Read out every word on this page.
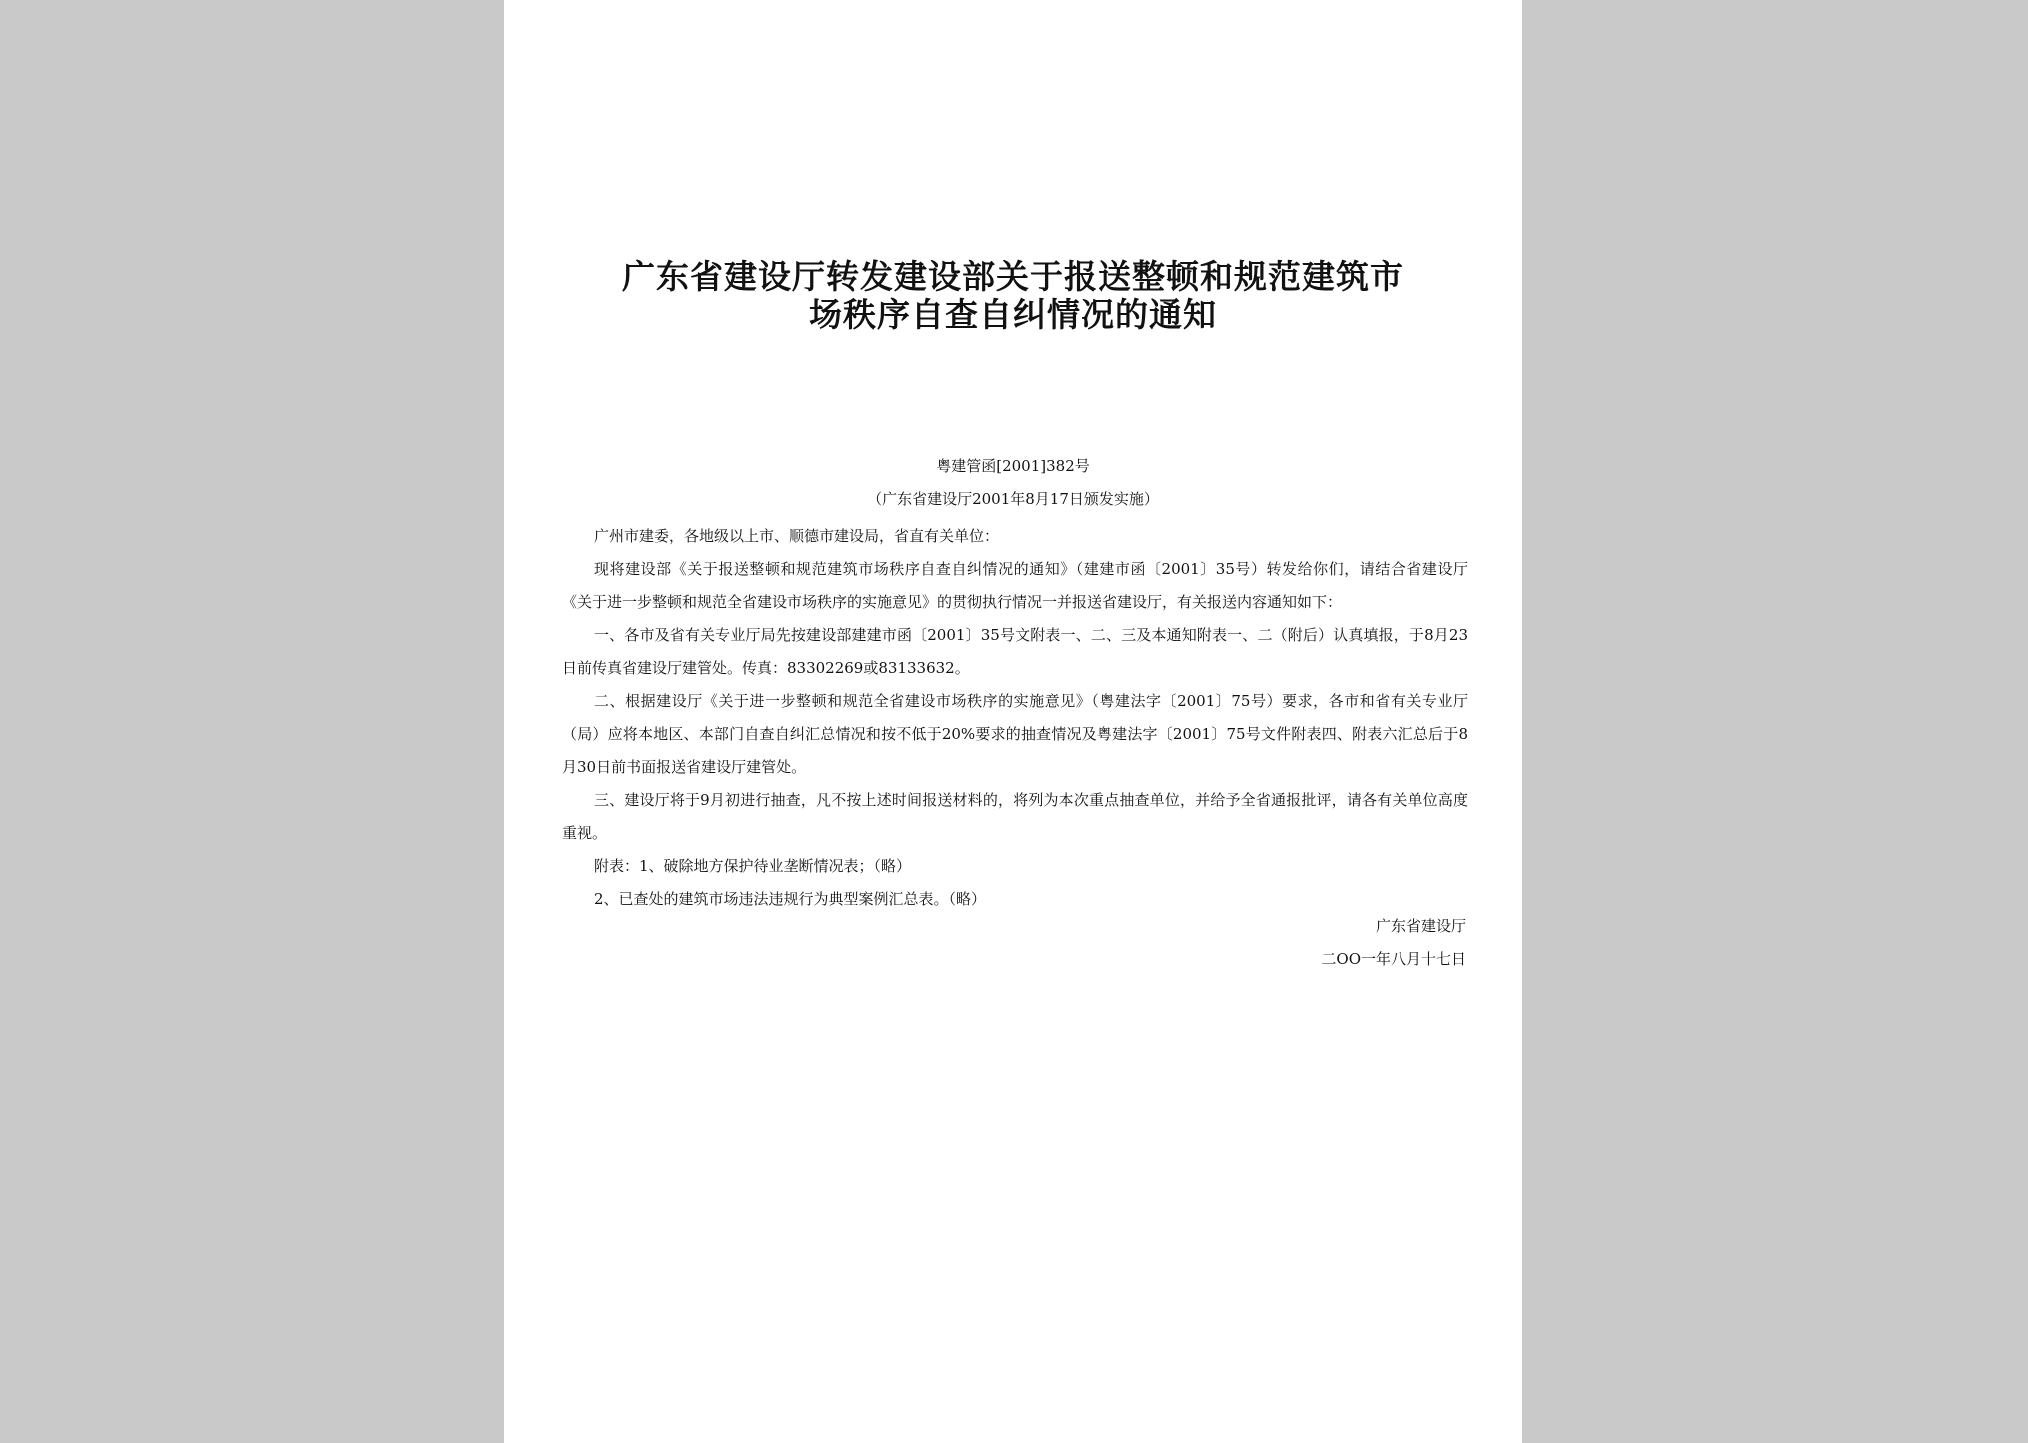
广东省建设厅转发建设部关于报送整顿和规范建筑市
场秩序自查自纠情况的通知
粤建管函[2001]382号
（广东省建设厅2001年8月17日颁发实施）

广州市建委，各地级以上市、顺德市建设局，省直有关单位：

现将建设部《关于报送整顿和规范建筑市场秩序自查自纠情况的通知》（建建市函〔2001〕35号）转发给你们，请结合省建设厅《关于进一步整顿和规范全省建设市场秩序的实施意见》的贯彻执行情况一并报送省建设厅，有关报送内容通知如下：

一、各市及省有关专业厅局先按建设部建建市函〔2001〕35号文附表一、二、三及本通知附表一、二（附后）认真填报，于8月23日前传真省建设厅建管处。传真：83302269或83133632。

二、根据建设厅《关于进一步整顿和规范全省建设市场秩序的实施意见》（粤建法字〔2001〕75号）要求，各市和省有关专业厅（局）应将本地区、本部门自查自纠汇总情况和按不低于20%要求的抽查情况及粤建法字〔2001〕75号文件附表四、附表六汇总后于8月30日前书面报送省建设厅建管处。

三、建设厅将于9月初进行抽查，凡不按上述时间报送材料的，将列为本次重点抽查单位，并给予全省通报批评，请各有关单位高度重视。

附表：1、破除地方保护待业垄断情况表；（略）

2、已查处的建筑市场违法违规行为典型案例汇总表。（略）

广东省建设厅
二OO一年八月十七日
